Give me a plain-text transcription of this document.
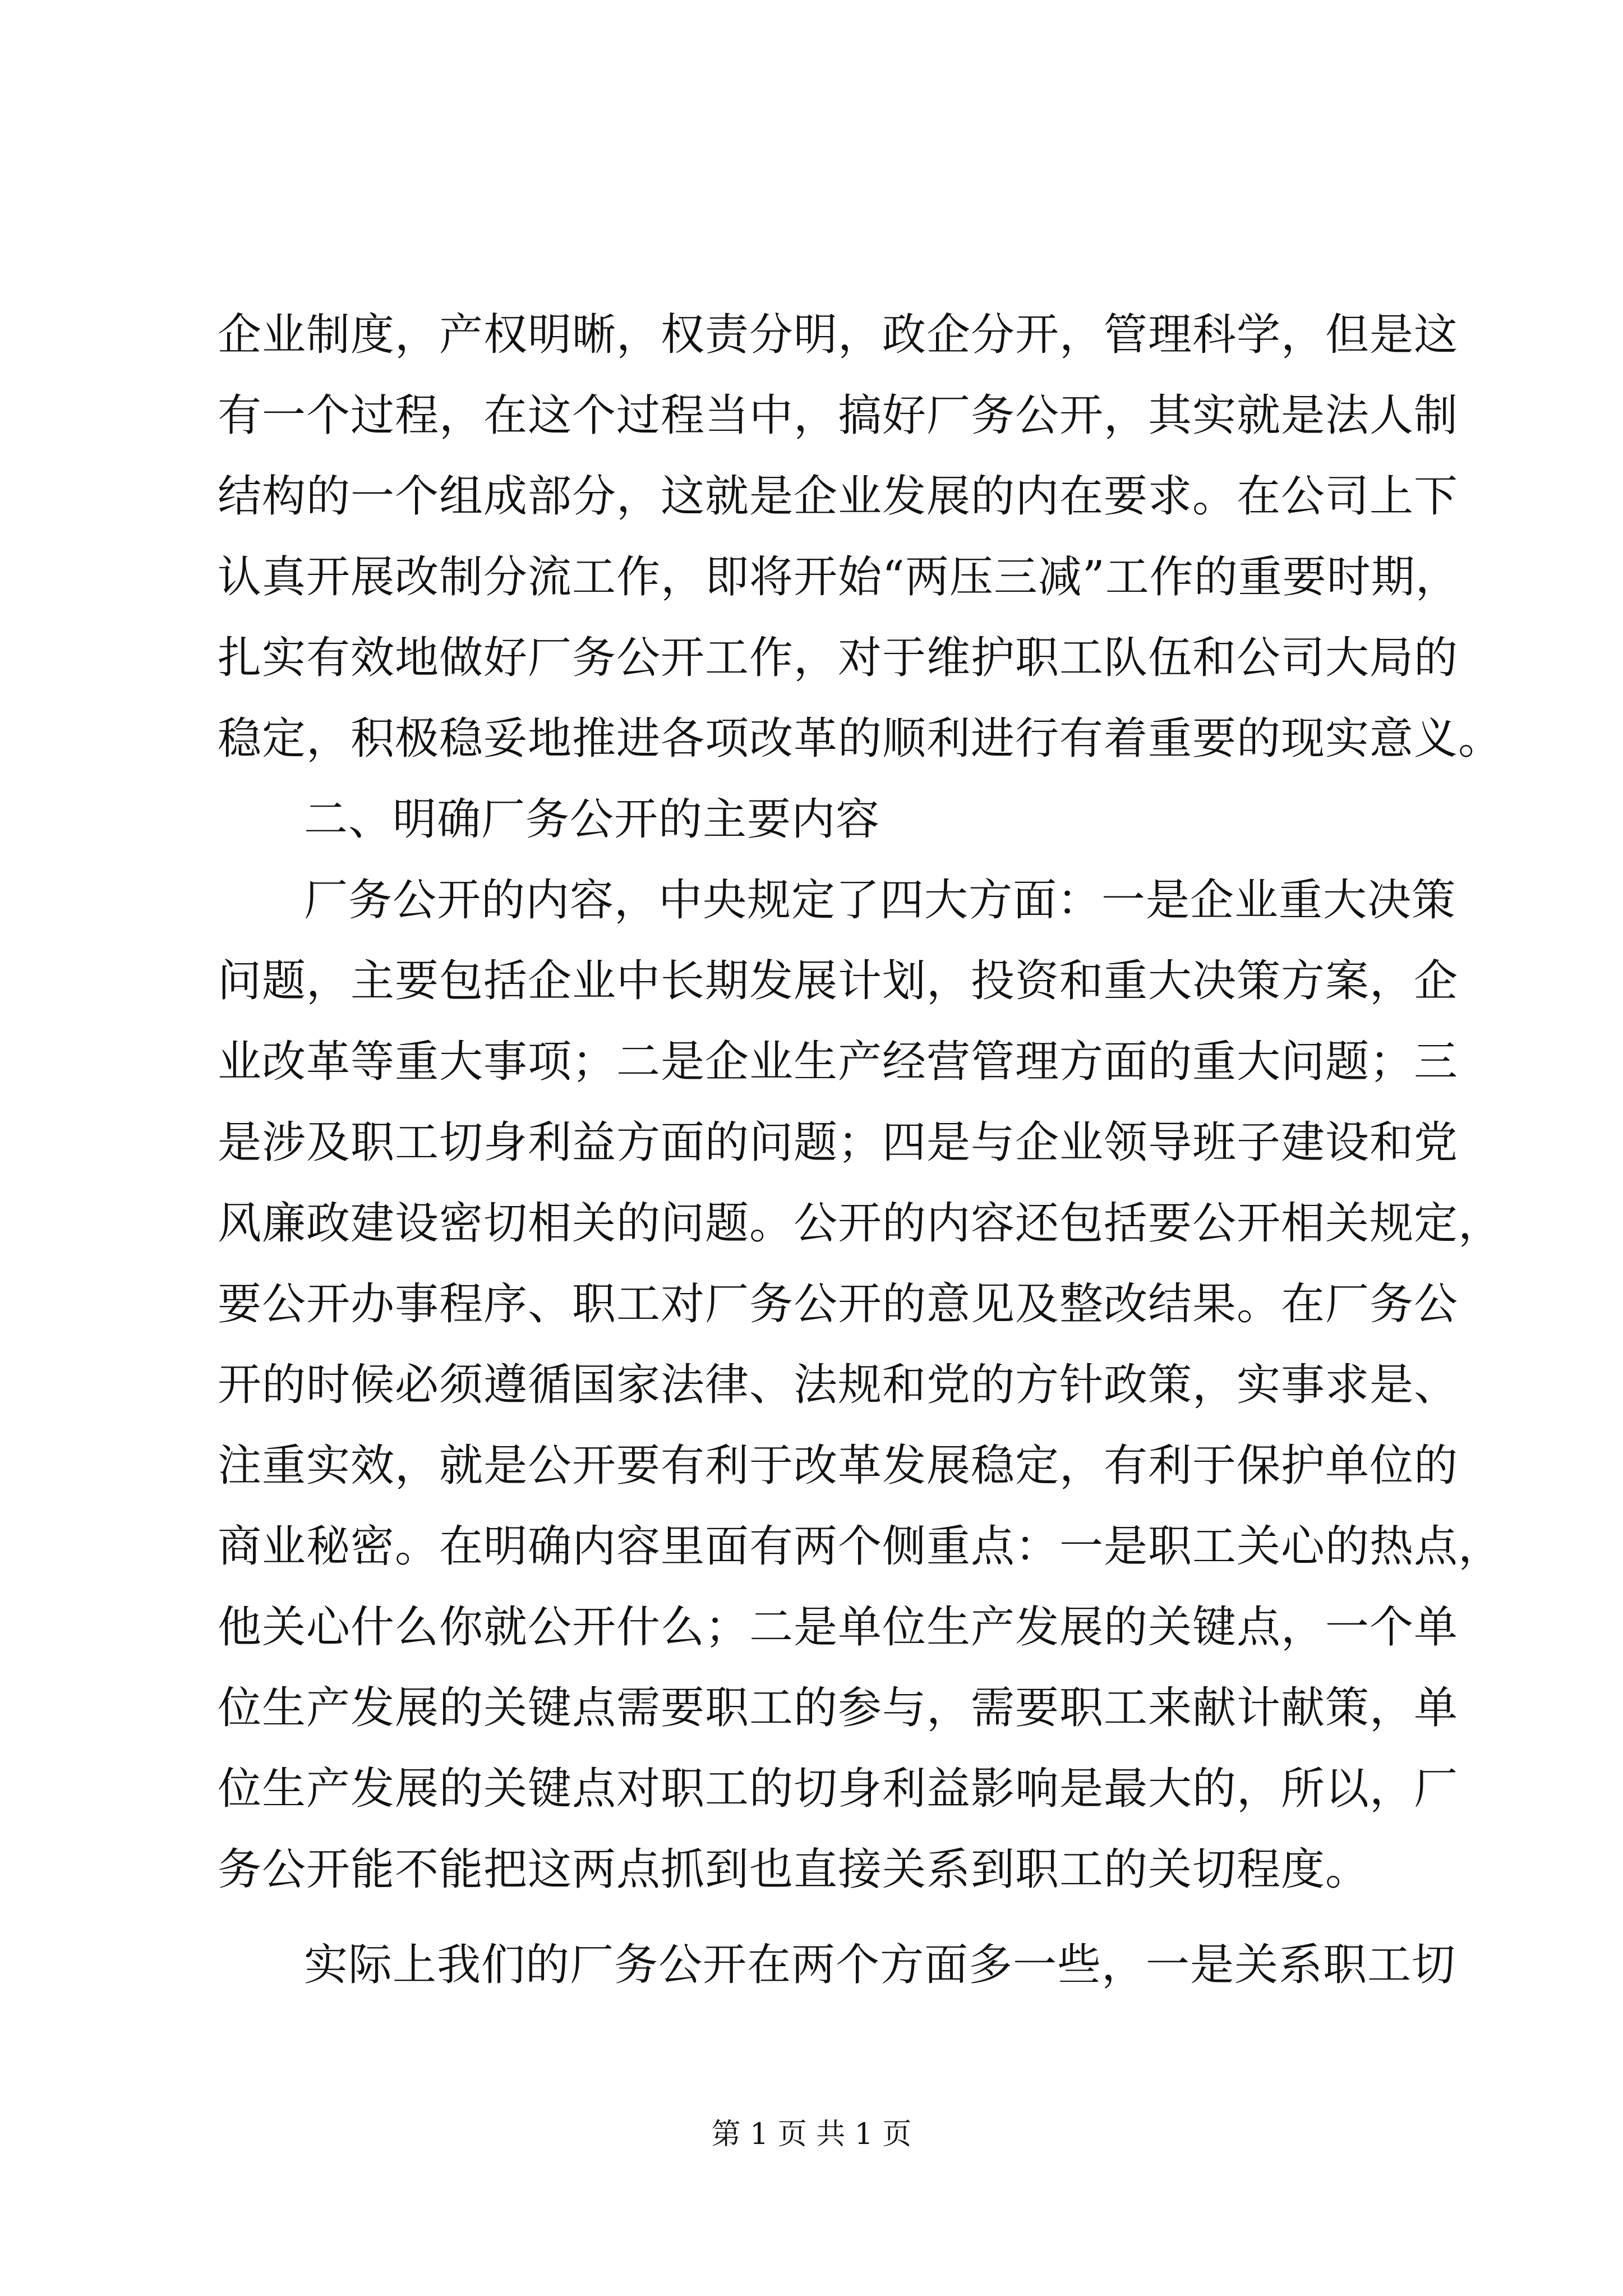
企业制度，产权明晰，权责分明，政企分开，管理科学，但是这
有一个过程，在这个过程当中，搞好厂务公开，其实就是法人制
结构的一个组成部分，这就是企业发展的内在要求。在公司上下
认真开展改制分流工作，即将开始“两压三减”工作的重要时期，
扎实有效地做好厂务公开工作，对于维护职工队伍和公司大局的
稳定，积极稳妥地推进各项改革的顺利进行有着重要的现实意义。
二、明确厂务公开的主要内容
厂务公开的内容，中央规定了四大方面：一是企业重大决策
问题，主要包括企业中长期发展计划，投资和重大决策方案，企
业改革等重大事项；二是企业生产经营管理方面的重大问题；三
是涉及职工切身利益方面的问题；四是与企业领导班子建设和党
风廉政建设密切相关的问题。公开的内容还包括要公开相关规定，
要公开办事程序、职工对厂务公开的意见及整改结果。在厂务公
开的时候必须遵循国家法律、法规和党的方针政策，实事求是、
注重实效，就是公开要有利于改革发展稳定，有利于保护单位的
商业秘密。在明确内容里面有两个侧重点：一是职工关心的热点，
他关心什么你就公开什么；二是单位生产发展的关键点，一个单
位生产发展的关键点需要职工的参与，需要职工来献计献策，单
位生产发展的关键点对职工的切身利益影响是最大的，所以，厂
务公开能不能把这两点抓到也直接关系到职工的关切程度。
实际上我们的厂务公开在两个方面多一些，一是关系职工切
第 1 页 共 1 页
